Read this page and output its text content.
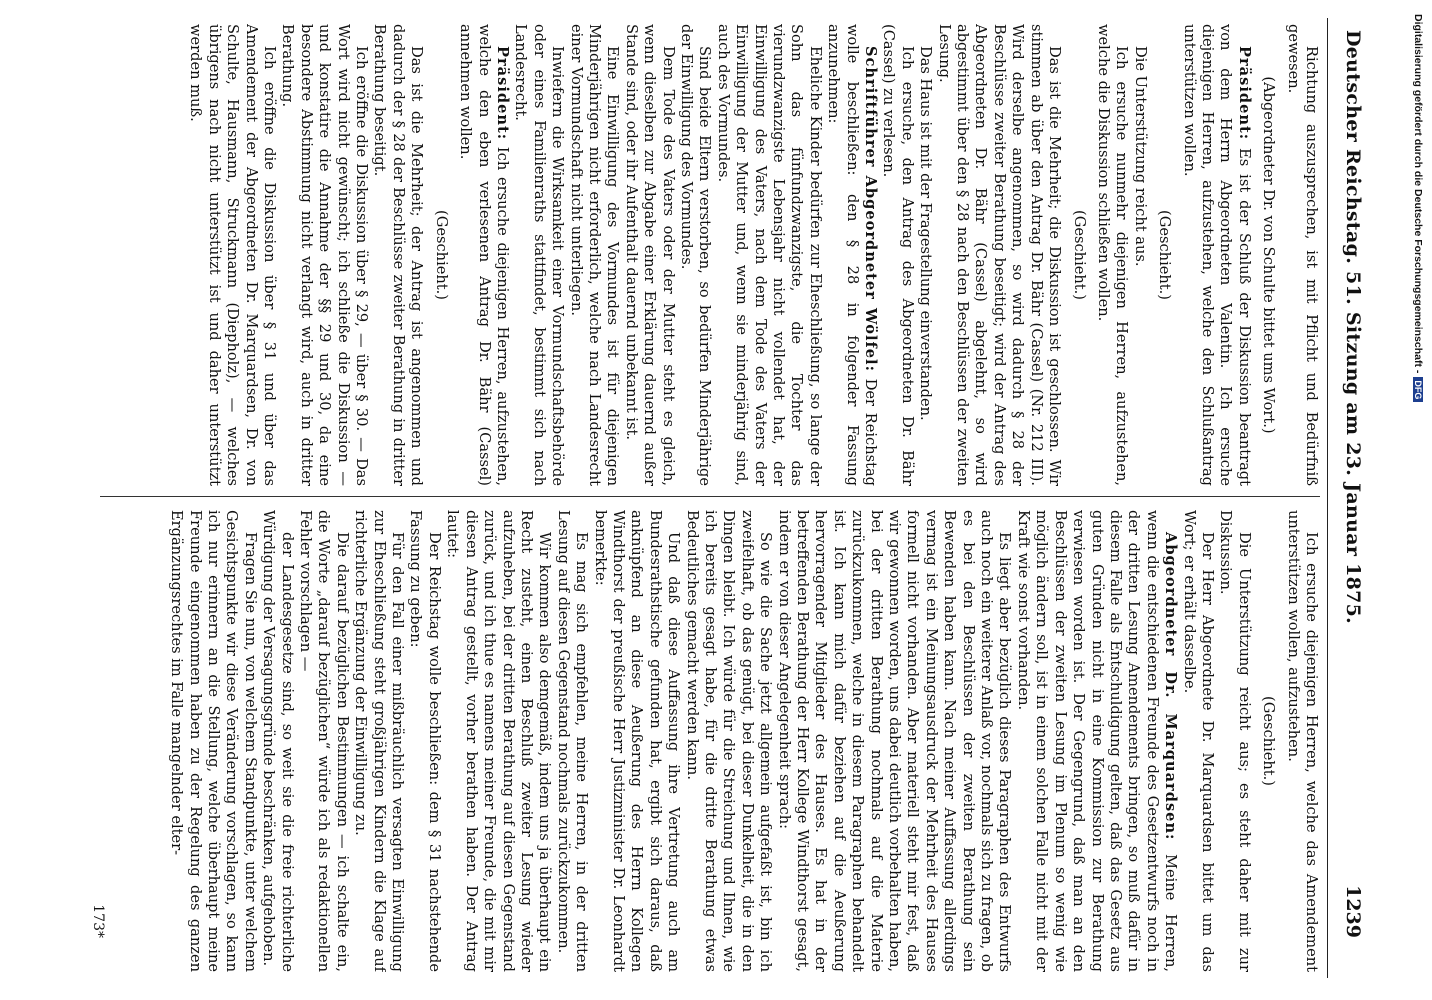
Deutscher Reichstag. 51. Sitzung am 23. Januar 1875.
1239

Richtung auszusprechen, ist mit Pflicht und Bedürfniß gewesen.

(Abgeordneter Dr. von Schulte bittet ums Wort.)

Präsident: Es ist der Schluß der Diskussion beantragt von dem Herrn Abgeordneten Valentin. Ich ersuche diejenigen Herren, aufzustehen, welche den Schlußantrag unterstützen wollen.

(Geschieht.)

Die Unterstützung reicht aus.

Ich ersuche nunmehr diejenigen Herren, aufzustehen, welche die Diskussion schließen wollen.

(Geschieht.)

Das ist die Mehrheit; die Diskussion ist geschlossen. Wir stimmen ab über den Antrag Dr. Bähr (Cassel) (Nr. 212 III). Wird derselbe angenommen, so wird dadurch § 28 der Beschlüsse zweiter Berathung beseitigt; wird der Antrag des Abgeordneten Dr. Bähr (Cassel) abgelehnt, so wird abgestimmt über den § 28 nach den Beschlüssen der zweiten Lesung.

Das Haus ist mit der Fragestellung einverstanden.

Ich ersuche, den Antrag des Abgeordneten Dr. Bähr (Cassel) zu verlesen.

Schriftführer Abgeordneter Wölfel: Der Reichstag wolle beschließen: den § 28 in folgender Fassung anzunehmen:

Eheliche Kinder bedürfen zur Eheschließung, so lange der Sohn das fünfundzwanzigste, die Tochter das vierundzwanzigste Lebensjahr nicht vollendet hat, der Einwilligung des Vaters, nach dem Tode des Vaters der Einwilligung der Mutter und, wenn sie minderjährig sind, auch des Vormundes.

Sind beide Eltern verstorben, so bedürfen Minderjährige der Einwilligung des Vormundes.

Dem Tode des Vaters oder der Mutter steht es gleich, wenn dieselben zur Abgabe einer Erklärung dauernd außer Stande sind, oder ihr Aufenthalt dauernd unbekannt ist.

Eine Einwilligung des Vormundes ist für diejenigen Minderjährigen nicht erforderlich, welche nach Landesrecht einer Vormundschaft nicht unterliegen.

Inwiefern die Wirksamkeit einer Vormundschaftsbehörde oder eines Familienraths stattfindet, bestimmt sich nach Landesrecht.

Präsident: Ich ersuche diejenigen Herren, aufzustehen, welche den eben verlesenen Antrag Dr. Bähr (Cassel) annehmen wollen.

(Geschieht.)

Das ist die Mehrheit; der Antrag ist angenommen und dadurch der § 28 der Beschlüsse zweiter Berathung in dritter Berathung beseitigt.

Ich eröffne die Diskussion über § 29, — über § 30. — Das Wort wird nicht gewünscht; ich schließe die Diskussion — und konstatire die Annahme der §§ 29 und 30, da eine besondere Abstimmung nicht verlangt wird, auch in dritter Berathung.

Ich eröffne die Diskussion über § 31 und über das Amendement der Abgeordneten Dr. Marquardsen, Dr. von Schulte, Hausmann, Struckmann (Diepholz), — welches übrigens nach nicht unterstützt ist und daher unterstützt werden muß.

Ich ersuche diejenigen Herren, welche das Amendement unterstützen wollen, aufzustehen.

(Geschieht.)

Die Unterstützung reicht aus; es steht daher mit zur Diskussion.

Der Herr Abgeordnete Dr. Marquardsen bittet um das Wort; er erhält dasselbe.

Abgeordneter Dr. Marquardsen: Meine Herren, wenn die entschiedenen Freunde des Gesetzentwurfs noch in der dritten Lesung Amendements bringen, so muß dafür in diesem Falle als Entschuldigung gelten, daß das Gesetz aus guten Gründen nicht in eine Kommission zur Berathung verwiesen worden ist. Der Gegengrund, daß man an den Beschlüssen der zweiten Lesung im Plenum so wenig wie möglich ändern soll, ist in einem solchen Falle nicht mit der Kraft wie sonst vorhanden.

Es liegt aber bezüglich dieses Paragraphen des Entwurfs auch noch ein weiterer Anlaß vor, nochmals sich zu fragen, ob es bei den Beschlüssen der zweiten Berathung sein Bewenden haben kann. Nach meiner Auffassung allerdings vermag ist ein Meinungsausdruck der Mehrheit des Hauses formell nicht vorhanden. Aber materiell steht mir fest, daß wir gewonnen worden, uns dabei deutlich vorbehalten haben, bei der dritten Berathung nochmals auf die Materie zurückzukommen, welche in diesem Paragraphen behandelt ist. Ich kann mich dafür beziehen auf die Aeußerung hervorragender Mitglieder des Hauses. Es hat in der betreffenden Berathung der Herr Kollege Windthorst gesagt, indem er von dieser Angelegenheit sprach:

So wie die Sache jetzt allgemein aufgefaßt ist, bin ich zweifelhaft, ob das genügt, bei dieser Dunkelheit, die in den Dingen bleibt. Ich würde für die Streichung und Ihnen, wie ich bereits gesagt habe, für die dritte Berathung etwas Bedeutliches gemacht werden kann.

Und daß diese Auffassung ihre Vertretung auch am Bundesrathstische gefunden hat, ergibt sich daraus, daß anknüpfend an diese Aeußerung des Herrn Kollegen Windthorst der preußische Herr Justizminister Dr. Leonhardt bemerkte:

Es mag sich empfehlen, meine Herren, in der dritten Lesung auf diesen Gegenstand nochmals zurückzukommen.

Wir kommen also demgemäß, indem uns ja überhaupt ein Recht zusteht, einen Beschluß zweiter Lesung wieder aufzuheben, bei der dritten Berathung auf diesen Gegenstand zurück, und ich thue es namens meiner Freunde, die mit mir diesen Antrag gestellt, vorher berathen haben. Der Antrag lautet:

Der Reichstag wolle beschließen: dem § 31 nachstehende Fassung zu geben:

Für den Fall einer mißbräuchlich versagten Einwilligung zur Eheschließung steht großjährigen Kindern die Klage auf richterliche Ergänzung der Einwilligung zu.

Die darauf bezüglichen Bestimmungen — ich schalte ein, die Worte „darauf bezüglichen“ würde ich als redaktionellen Fehler vorschlagen —

der Landesgesetze sind, so weit sie die freie richterliche Würdigung der Versagungsgründe beschränken, aufgehoben.

Fragen Sie nun, von welchem Standpunkte, unter welchem Gesichtspunkte wir diese Veränderung vorschlagen, so kann ich nur erinnern an die Stellung, welche überhaupt meine Freunde eingenommen haben zu der Regelung des ganzen Ergänzungsrechtes im Falle mangelnder elter-

173*
Digitalisierung gefördert durch die Deutsche Forschungsgemeinschaft -DFG
